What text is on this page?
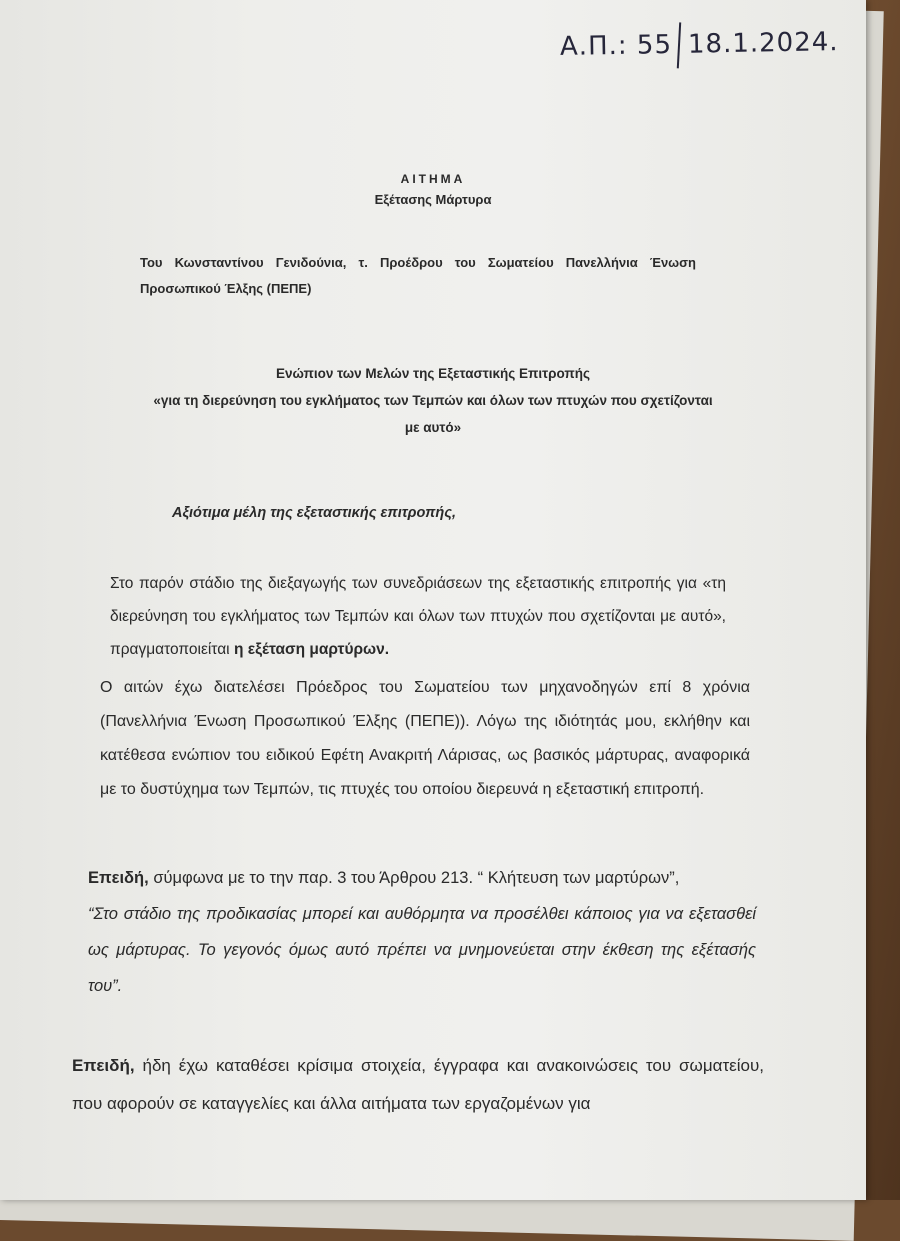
Α.Π.: 55 18.1.2024.
ΑΙΤΗΜΑ
Εξέτασης Μάρτυρα
Του Κωνσταντίνου Γενιδούνια, τ. Προέδρου του Σωματείου Πανελλήνια Ένωση Προσωπικού Έλξης (ΠΕΠΕ)
Ενώπιον των Μελών της Εξεταστικής Επιτροπής
«για τη διερεύνηση του εγκλήματος των Τεμπών και όλων των πτυχών που σχετίζονται με αυτό»
Αξιότιμα μέλη της εξεταστικής επιτροπής,
Στο παρόν στάδιο της διεξαγωγής των συνεδριάσεων της εξεταστικής επιτροπής για «τη διερεύνηση του εγκλήματος των Τεμπών και όλων των πτυχών που σχετίζονται με αυτό», πραγματοποιείται η εξέταση μαρτύρων.
Ο αιτών έχω διατελέσει Πρόεδρος του Σωματείου των μηχανοδηγών επί 8 χρόνια (Πανελλήνια Ένωση Προσωπικού Έλξης (ΠΕΠΕ)). Λόγω της ιδιότητάς μου, εκλήθην και κατέθεσα ενώπιον του ειδικού Εφέτη Ανακριτή Λάρισας, ως βασικός μάρτυρας, αναφορικά με το δυστύχημα των Τεμπών, τις πτυχές του οποίου διερευνά η εξεταστική επιτροπή.
Επειδή, σύμφωνα με το την παρ. 3 του Άρθρου 213. “ Κλήτευση των μαρτύρων”,
“Στο στάδιο της προδικασίας μπορεί και αυθόρμητα να προσέλθει κάποιος για να εξετασθεί ως μάρτυρας. Το γεγονός όμως αυτό πρέπει να μνημονεύεται στην έκθεση της εξέτασής του”.
Επειδή, ήδη έχω καταθέσει κρίσιμα στοιχεία, έγγραφα και ανακοινώσεις του σωματείου, που αφορούν σε καταγγελίες και άλλα αιτήματα των εργαζομένων για
